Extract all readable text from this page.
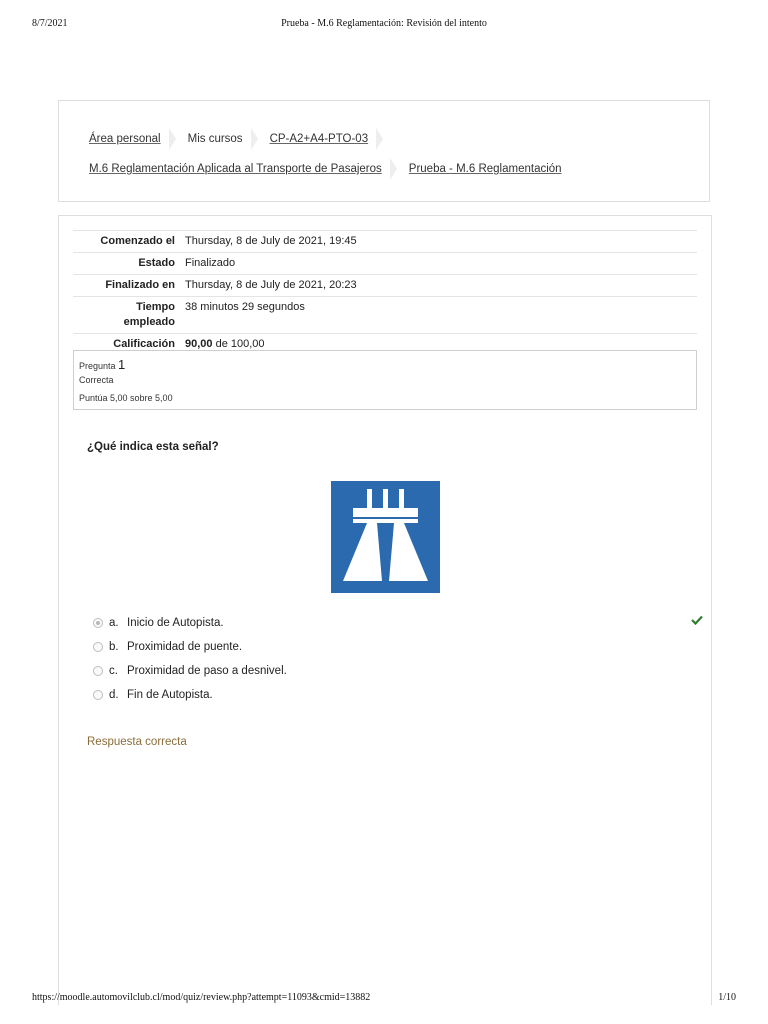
8/7/2021	Prueba - M.6 Reglamentación: Revisión del intento
Área personal Mis cursos CP-A2+A4-PTO-03
M.6 Reglamentación Aplicada al Transporte de Pasajeros Prueba - M.6 Reglamentación
Comenzado el	Thursday, 8 de July de 2021, 19:45
Estado	Finalizado
Finalizado en	Thursday, 8 de July de 2021, 20:23
Tiempo
empleado	38 minutos 29 segundos
Calificación	90,00 de 100,00
Pregunta 1
Correcta
Puntúa 5,00 sobre 5,00
¿Qué indica esta señal?
a. Inicio de Autopista.
b. Proximidad de puente.
c. Proximidad de paso a desnivel.
d. Fin de Autopista.
Respuesta correcta
https://moodle.automovilclub.cl/mod/quiz/review.php?attempt=11093&cmid=13882	1/10
